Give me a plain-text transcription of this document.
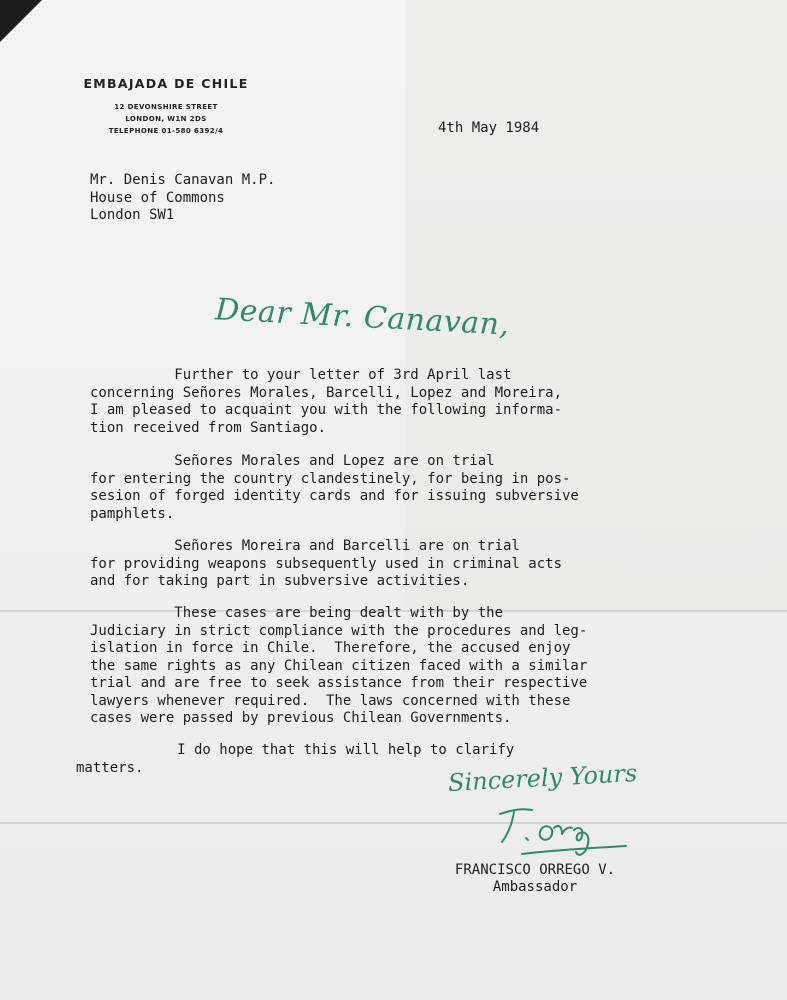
EMBAJADA DE CHILE
12 DEVONSHIRE STREET
LONDON, W1N 2DS
TELEPHONE 01-580 6392/4	4th May 1984
Mr. Denis Canavan M.P.
House of Commons
London SW1
Dear Mr. Canavan,
Further to your letter of 3rd April last
concerning Señores Morales, Barcelli, Lopez and Moreira,
I am pleased to acquaint you with the following informa-
tion received from Santiago.
Señores Morales and Lopez are on trial
for entering the country clandestinely, for being in pos-
sesion of forged identity cards and for issuing subversive
pamphlets.
Señores Moreira and Barcelli are on trial
for providing weapons subsequently used in criminal acts
and for taking part in subversive activities.
These cases are being dealt with by the
Judiciary in strict compliance with the procedures and leg-
islation in force in Chile.  Therefore, the accused enjoy
the same rights as any Chilean citizen faced with a similar
trial and are free to seek assistance from their respective
lawyers whenever required.  The laws concerned with these
cases were passed by previous Chilean Governments.
I do hope that this will help to clarify
matters.	Sincerely Yours
FRANCISCO ORREGO V.
Ambassador
